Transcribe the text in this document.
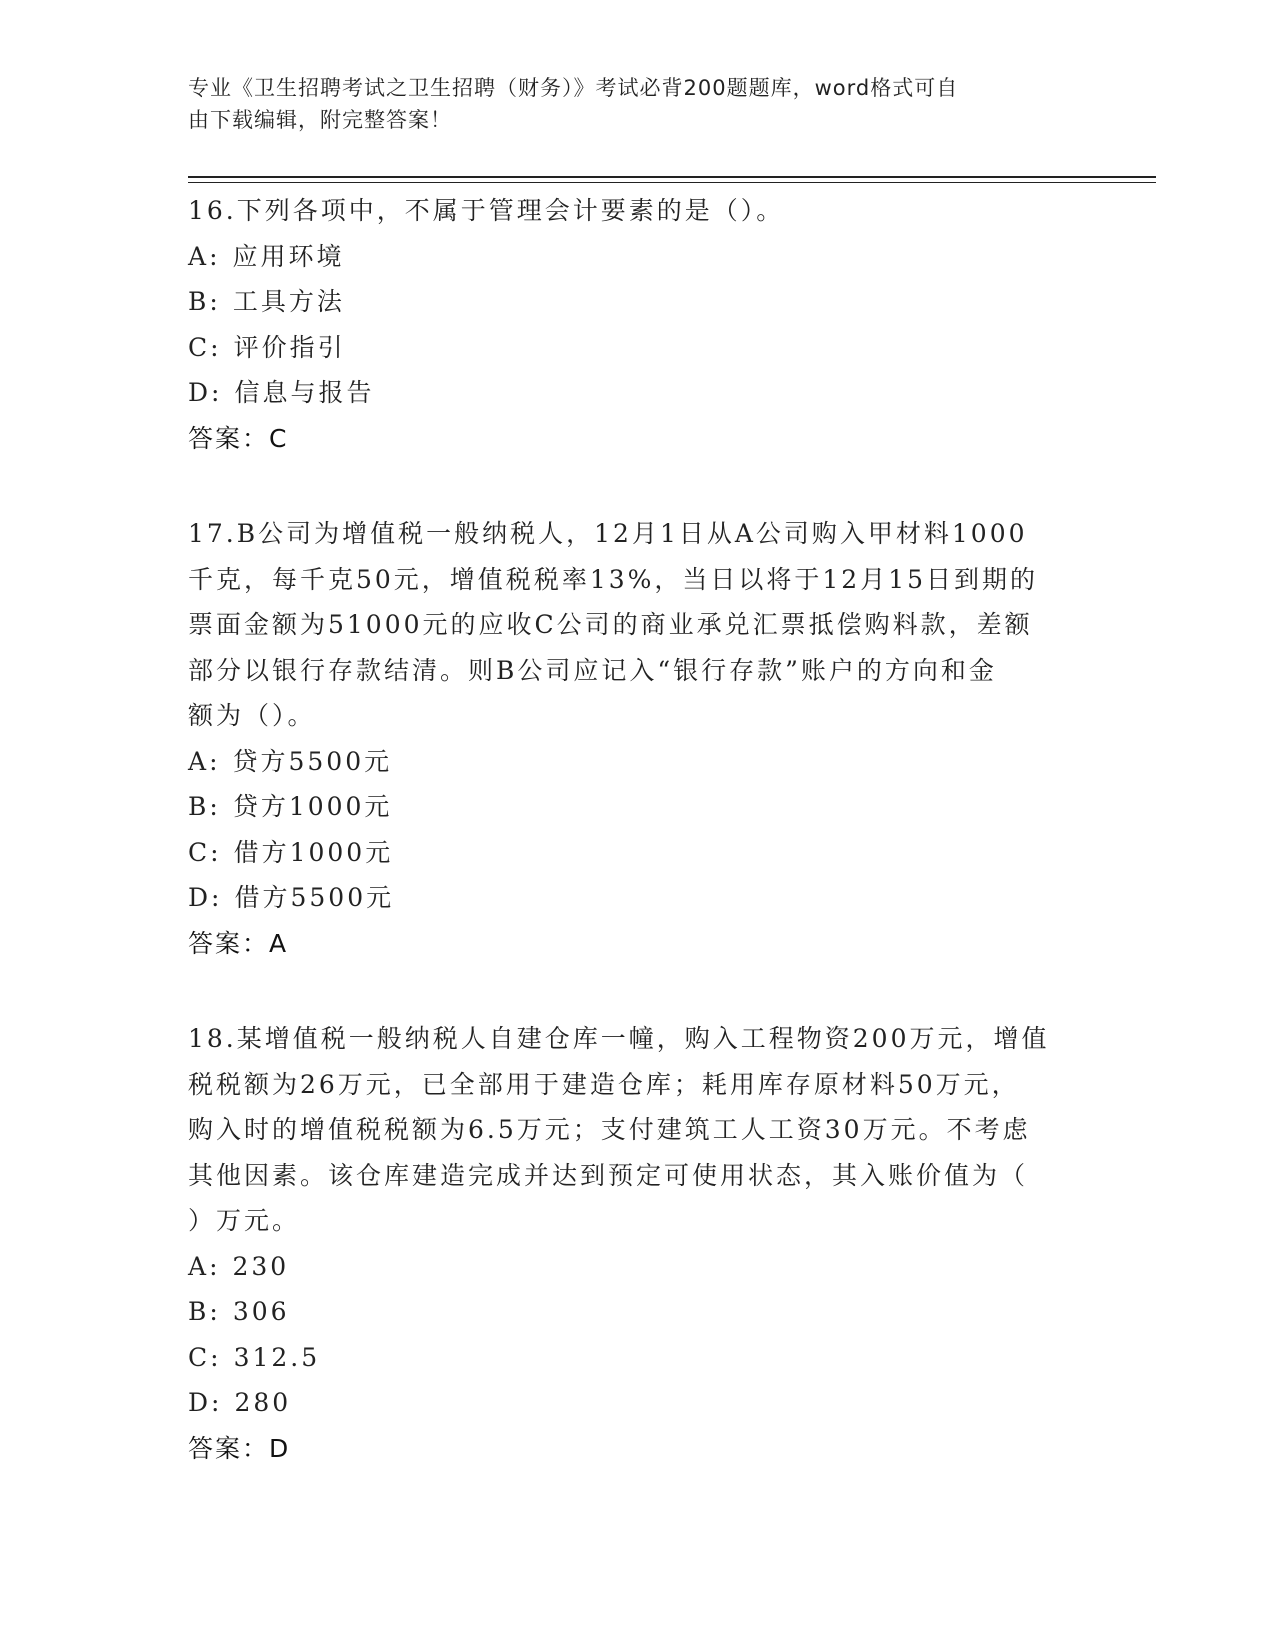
专业《卫生招聘考试之卫生招聘（财务）》考试必背200题题库，word格式可自
由下载编辑，附完整答案！

16.下列各项中，不属于管理会计要素的是（）。

A: 应用环境

B: 工具方法

C: 评价指引

D: 信息与报告

答案：C

17.B公司为增值税一般纳税人，12月1日从A公司购入甲材料1000

千克，每千克50元，增值税税率13%，当日以将于12月15日到期的

票面金额为51000元的应收C公司的商业承兑汇票抵偿购料款，差额

部分以银行存款结清。则B公司应记入“银行存款”账户的方向和金

额为（）。

A: 贷方5500元

B: 贷方1000元

C: 借方1000元

D: 借方5500元

答案：A

18.某增值税一般纳税人自建仓库一幢，购入工程物资200万元，增值

税税额为26万元，已全部用于建造仓库；耗用库存原材料50万元，

购入时的增值税税额为6.5万元；支付建筑工人工资30万元。不考虑

其他因素。该仓库建造完成并达到预定可使用状态，其入账价值为（

）万元。

A: 230

B: 306

C: 312.5

D: 280

答案：D
